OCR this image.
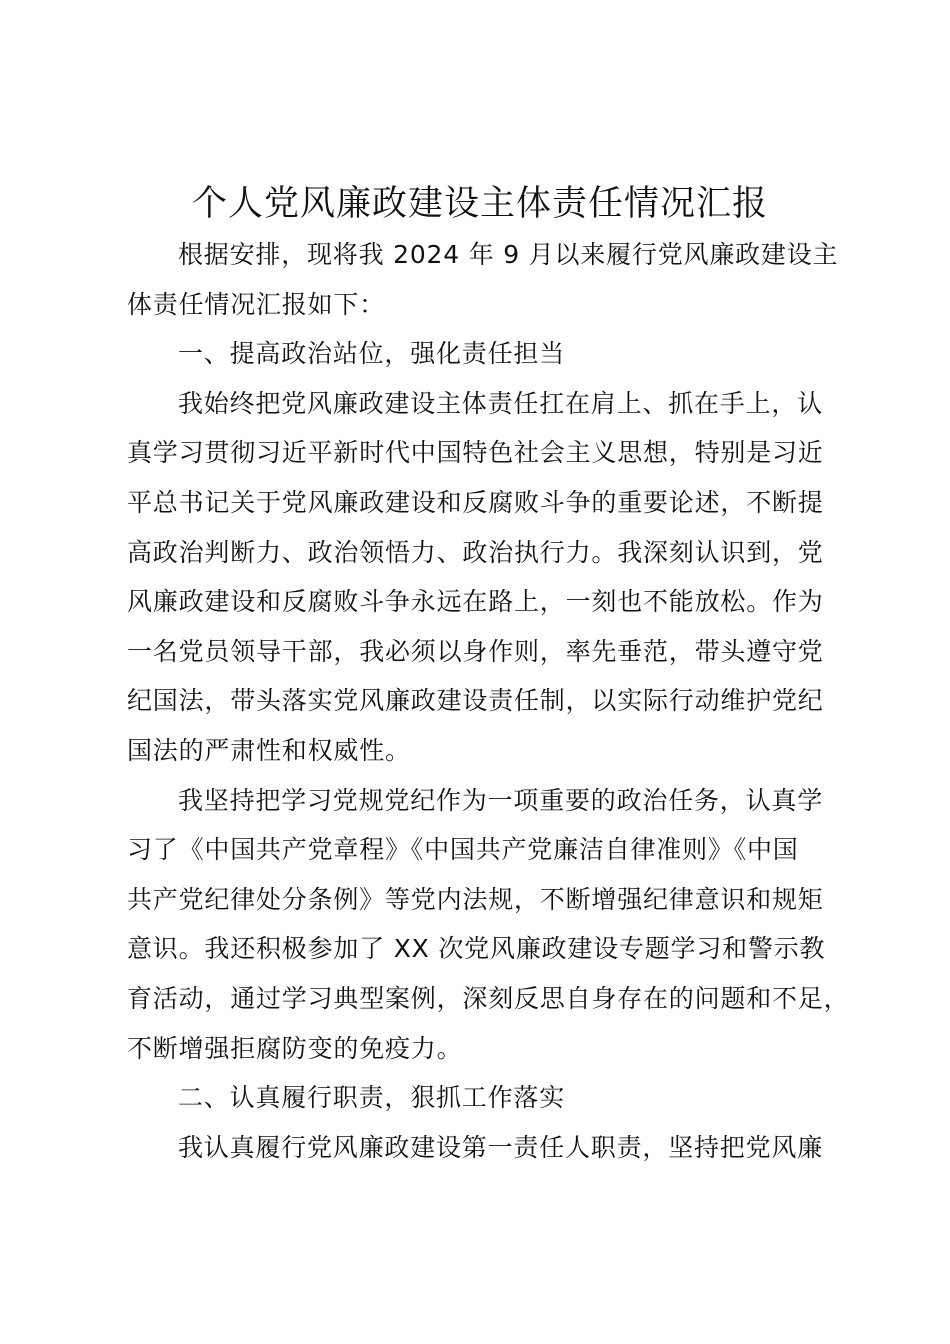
个人党风廉政建设主体责任情况汇报
根据安排，现将我 2024 年 9 月以来履行党风廉政建设主
体责任情况汇报如下：
一、提高政治站位，强化责任担当
我始终把党风廉政建设主体责任扛在肩上、抓在手上，认
真学习贯彻习近平新时代中国特色社会主义思想，特别是习近
平总书记关于党风廉政建设和反腐败斗争的重要论述，不断提
高政治判断力、政治领悟力、政治执行力。我深刻认识到，党
风廉政建设和反腐败斗争永远在路上，一刻也不能放松。作为
一名党员领导干部，我必须以身作则，率先垂范，带头遵守党
纪国法，带头落实党风廉政建设责任制，以实际行动维护党纪
国法的严肃性和权威性。
我坚持把学习党规党纪作为一项重要的政治任务，认真学
习了《中国共产党章程》《中国共产党廉洁自律准则》《中国
共产党纪律处分条例》等党内法规，不断增强纪律意识和规矩
意识。我还积极参加了 XX 次党风廉政建设专题学习和警示教
育活动，通过学习典型案例，深刻反思自身存在的问题和不足，
不断增强拒腐防变的免疫力。
二、认真履行职责，狠抓工作落实
我认真履行党风廉政建设第一责任人职责，坚持把党风廉
